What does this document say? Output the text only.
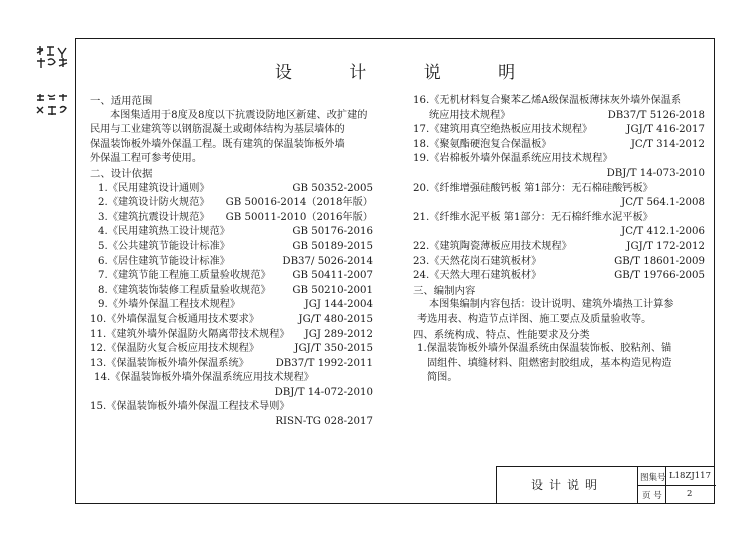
设 计 说 明
一、适用范围
本图集适用于8度及8度以下抗震设防地区新建、改扩建的
民用与工业建筑等以钢筋混凝土或砌体结构为基层墙体的
保温装饰板外墙外保温工程。既有建筑的保温装饰板外墙
外保温工程可参考使用。
二、设计依据
1.《民用建筑设计通则》	GB 50352-2005
2.《建筑设计防火规范》 GB 50016-2014（2018年版）
3.《建筑抗震设计规范》 GB 50011-2010（2016年版）
4.《民用建筑热工设计规范》	GB 50176-2016
5.《公共建筑节能设计标准》	GB 50189-2015
6.《居住建筑节能设计标准》	DB37/ 5026-2014
7.《建筑节能工程施工质量验收规范》 GB 50411-2007
8.《建筑装饰装修工程质量验收规范》 GB 50210-2001
9.《外墙外保温工程技术规程》	JGJ 144-2004
10.《外墙保温复合板通用技术要求》	JG/T 480-2015
11.《建筑外墙外保温防火隔离带技术规程》 JGJ 289-2012
12.《保温防火复合板应用技术规程》	JGJ/T 350-2015
13.《保温装饰板外墙外保温系统》	DB37/T 1992-2011
14.《保温装饰板外墙外保温系统应用技术规程》
DBJ/T 14-072-2010
15.《保温装饰板外墙外保温工程技术导则》
RISN-TG 028-2017
16.《无机材料复合聚苯乙烯A级保温板薄抹灰外墙外保温系
统应用技术规程》	DB37/T 5126-2018
17.《建筑用真空绝热板应用技术规程》	JGJ/T 416-2017
18.《聚氨酯硬泡复合保温板》	JC/T 314-2012
19.《岩棉板外墙外保温系统应用技术规程》
DBJ/T 14-073-2010
20.《纤维增强硅酸钙板 第1部分：无石棉硅酸钙板》
JC/T 564.1-2008
21.《纤维水泥平板 第1部分：无石棉纤维水泥平板》
JC/T 412.1-2006
22.《建筑陶瓷薄板应用技术规程》	JGJ/T 172-2012
23.《天然花岗石建筑板材》	GB/T 18601-2009
24.《天然大理石建筑板材》	GB/T 19766-2005
三、编制内容
本图集编制内容包括：设计说明、建筑外墙热工计算参
考选用表、构造节点详图、施工要点及质量验收等。
四、系统构成、特点、性能要求及分类
1.保温装饰板外墙外保温系统由保温装饰板、胶粘剂、锚
固组件、填缝材料、阻燃密封胶组成，基本构造见构造
简图。
设计说明	图集号 L18ZJ117
页 号	2
